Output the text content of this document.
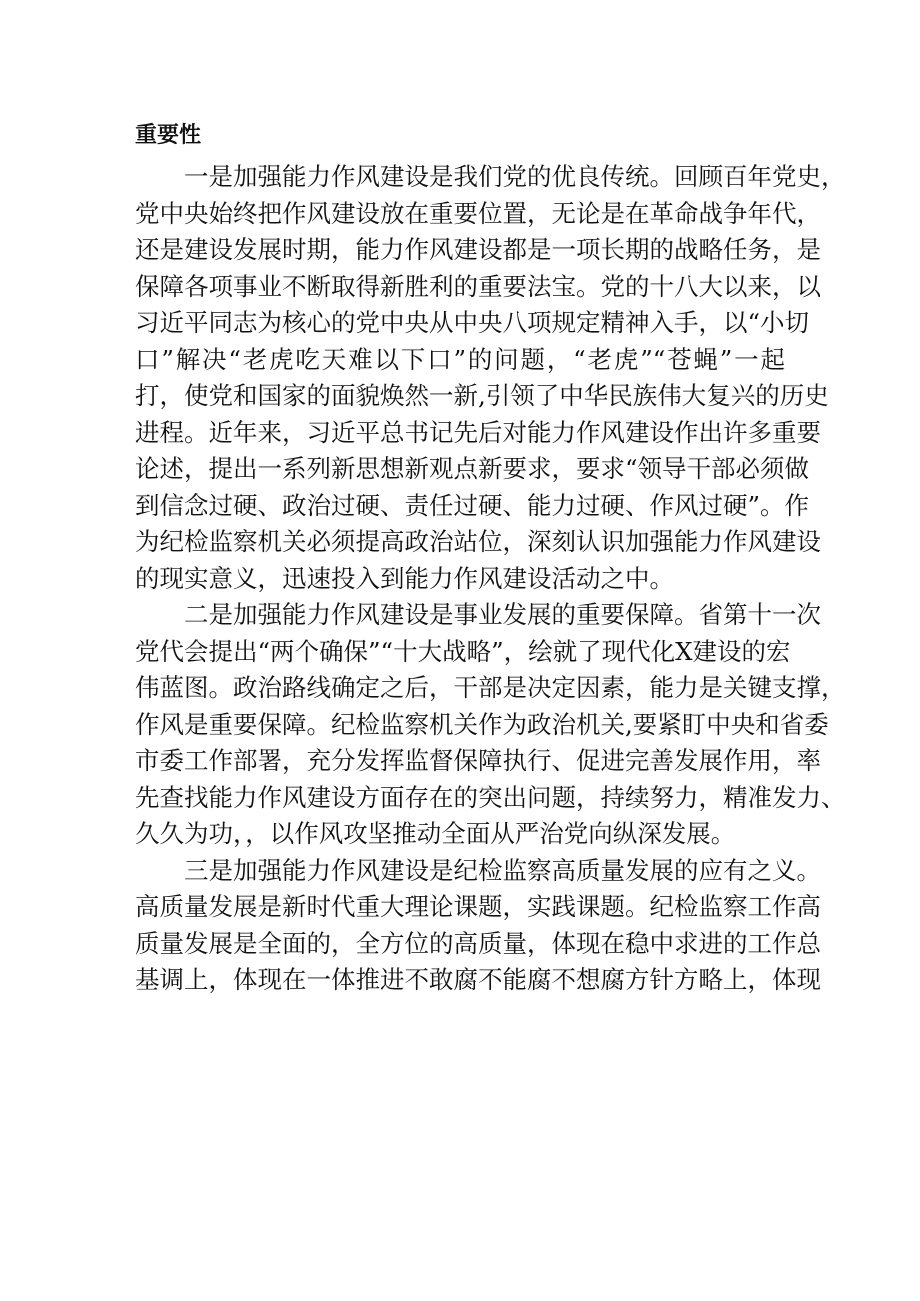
重要性
一是加强能力作风建设是我们党的优良传统。回顾百年党史，
党中央始终把作风建设放在重要位置，无论是在革命战争年代，
还是建设发展时期，能力作风建设都是一项长期的战略任务，是
保障各项事业不断取得新胜利的重要法宝。党的十八大以来，以
习近平同志为核心的党中央从中央八项规定精神入手，以“小切
口”解决“老虎吃天难以下口”的问题，“老虎”“苍蝇”一起
打，使党和国家的面貌焕然一新,引领了中华民族伟大复兴的历史
进程。近年来，习近平总书记先后对能力作风建设作出许多重要
论述，提出一系列新思想新观点新要求，要求“领导干部必须做
到信念过硬、政治过硬、责任过硬、能力过硬、作风过硬”。作
为纪检监察机关必须提高政治站位，深刻认识加强能力作风建设
的现实意义，迅速投入到能力作风建设活动之中。
二是加强能力作风建设是事业发展的重要保障。省第十一次
党代会提出“两个确保”“十大战略”，绘就了现代化X建设的宏
伟蓝图。政治路线确定之后，干部是决定因素，能力是关键支撑，
作风是重要保障。纪检监察机关作为政治机关,要紧盯中央和省委
市委工作部署，充分发挥监督保障执行、促进完善发展作用，率
先查找能力作风建设方面存在的突出问题，持续努力，精准发力、
久久为功，，以作风攻坚推动全面从严治党向纵深发展。
三是加强能力作风建设是纪检监察高质量发展的应有之义。
高质量发展是新时代重大理论课题，实践课题。纪检监察工作高
质量发展是全面的，全方位的高质量，体现在稳中求进的工作总
基调上，体现在一体推进不敢腐不能腐不想腐方针方略上，体现
